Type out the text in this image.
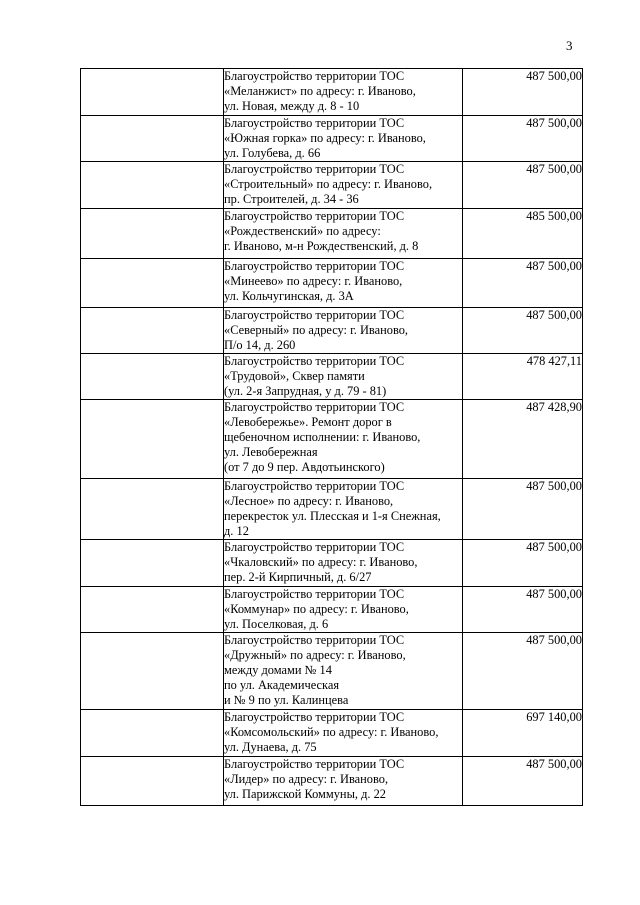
3

	Благоустройство территории ТОС
«Меланжист» по адресу: г. Иваново,
ул. Новая, между д. 8 - 10	487 500,00

	Благоустройство территории ТОС
«Южная горка» по адресу: г. Иваново,
ул. Голубева, д. 66	487 500,00

	Благоустройство территории ТОС
«Строительный» по адресу: г. Иваново,
пр. Строителей, д. 34 - 36	487 500,00

	Благоустройство территории ТОС
«Рождественский» по адресу:
г. Иваново, м-н Рождественский, д. 8	485 500,00

	Благоустройство территории ТОС
«Минеево» по адресу: г. Иваново,
ул. Кольчугинская, д. 3А	487 500,00

	Благоустройство территории ТОС
«Северный» по адресу: г. Иваново,
П/о 14, д. 260	487 500,00

	Благоустройство территории ТОС
«Трудовой», Сквер памяти
(ул. 2-я Запрудная, у д. 79 - 81)	478 427,11

	Благоустройство территории ТОС
«Левобережье». Ремонт дорог в
щебеночном исполнении: г. Иваново,
ул. Левобережная
(от 7 до 9 пер. Авдотьинского)	487 428,90

	Благоустройство территории ТОС
«Лесное» по адресу: г. Иваново,
перекресток ул. Плесская и 1-я Снежная,
д. 12	487 500,00

	Благоустройство территории ТОС
«Чкаловский» по адресу: г. Иваново,
пер. 2-й Кирпичный, д. 6/27	487 500,00

	Благоустройство территории ТОС
«Коммунар» по адресу: г. Иваново,
ул. Поселковая, д. 6	487 500,00

	Благоустройство территории ТОС
«Дружный» по адресу: г. Иваново,
между домами № 14
по ул. Академическая
и № 9 по ул. Калинцева	487 500,00

	Благоустройство территории ТОС
«Комсомольский» по адресу: г. Иваново,
ул. Дунаева, д. 75	697 140,00

	Благоустройство территории ТОС
«Лидер» по адресу: г. Иваново,
ул. Парижской Коммуны, д. 22	487 500,00
